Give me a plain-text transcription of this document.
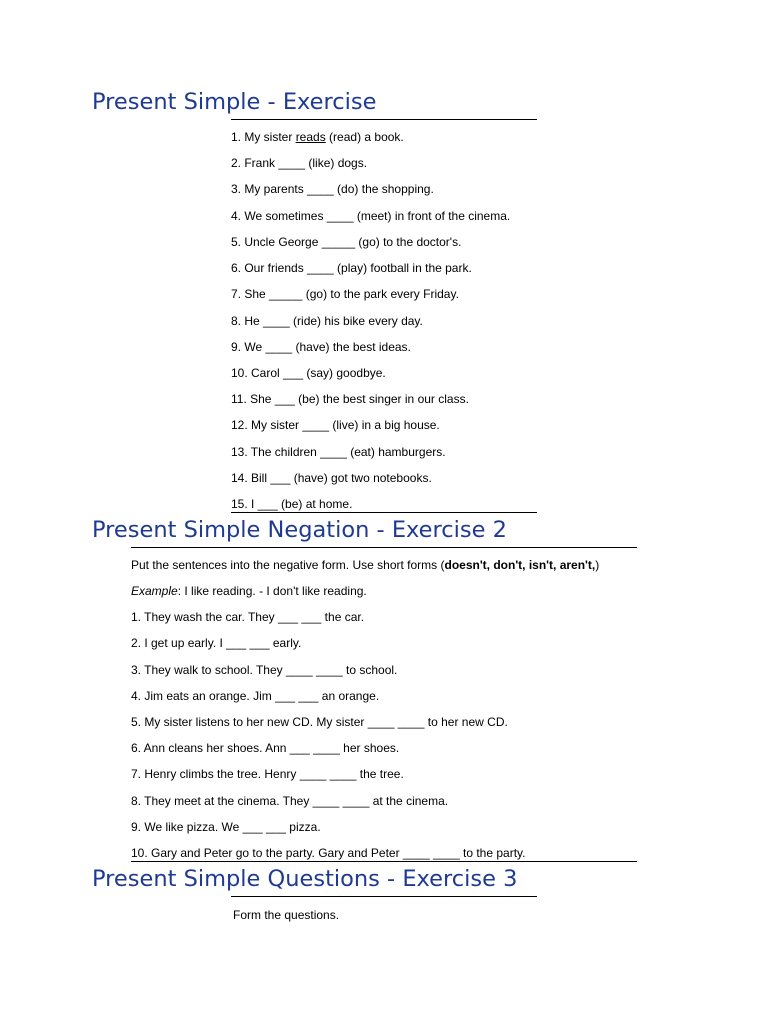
Present Simple - Exercise
1. My sister reads (read) a book.
2. Frank ____ (like) dogs.
3. My parents ____ (do) the shopping.
4. We sometimes ____ (meet) in front of the cinema.
5. Uncle George _____ (go) to the doctor's.
6. Our friends ____ (play) football in the park.
7. She _____ (go) to the park every Friday.
8. He ____ (ride) his bike every day.
9. We ____ (have) the best ideas.
10. Carol ___ (say) goodbye.
11. She ___ (be) the best singer in our class.
12. My sister ____ (live) in a big house.
13. The children ____ (eat) hamburgers.
14. Bill ___ (have) got two notebooks.
15. I ___ (be) at home.
Present Simple Negation - Exercise 2
Put the sentences into the negative form. Use short forms (doesn't, don't, isn't, aren't,)
Example: I like reading. - I don't like reading.
1. They wash the car. They ___ ___ the car.
2. I get up early. I ___ ___ early.
3. They walk to school. They ____ ____ to school.
4. Jim eats an orange. Jim ___ ___ an orange.
5. My sister listens to her new CD. My sister ____ ____ to her new CD.
6. Ann cleans her shoes. Ann ___ ____ her shoes.
7. Henry climbs the tree. Henry ____ ____ the tree.
8. They meet at the cinema. They ____ ____ at the cinema.
9. We like pizza. We ___ ___ pizza.
10. Gary and Peter go to the party. Gary and Peter ____ ____ to the party.
Present Simple Questions - Exercise 3
Form the questions.
